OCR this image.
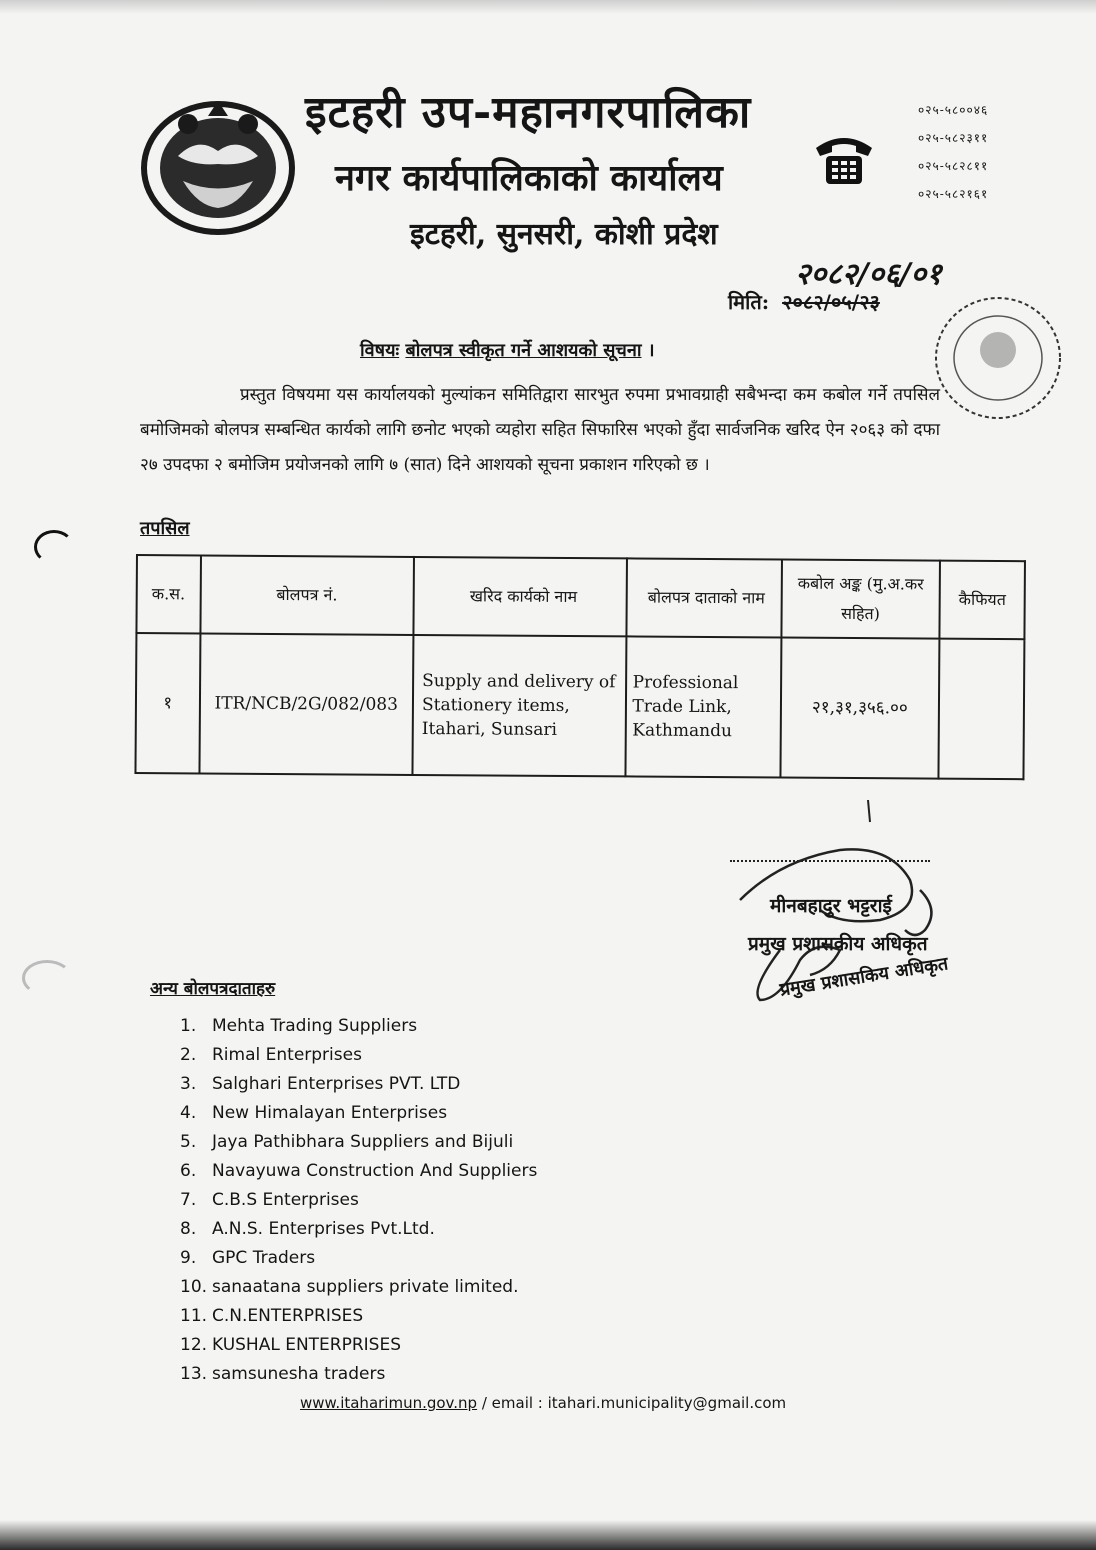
इटहरी उप-महानगरपालिका
नगर कार्यपालिकाको कार्यालय
इटहरी, सुनसरी, कोशी प्रदेश
०२५-५८००४६
०२५-५८२३११
०२५-५८२८११
०२५-५८२१६१
२०८२/०६/०१
मिति: २०८२/०५/२३
विषयः बोलपत्र स्वीकृत गर्ने आशयको सूचना ।
प्रस्तुत विषयमा यस कार्यालयको मुल्यांकन समितिद्वारा सारभुत रुपमा प्रभावग्राही सबैभन्दा कम कबोल गर्ने तपसिल बमोजिमको बोलपत्र सम्बन्धित कार्यको लागि छनोट भएको व्यहोरा सहित सिफारिस भएको हुँदा सार्वजनिक खरिद ऐन २०६३ को दफा २७ उपदफा २ बमोजिम प्रयोजनको लागि ७ (सात) दिने आशयको सूचना प्रकाशन गरिएको छ ।
तपसिल
क.स.	बोलपत्र नं.	खरिद कार्यको नाम	बोलपत्र दाताको नाम	कबोल अङ्क (मु.अ.कर सहित)	कैफियत
१	ITR/NCB/2G/082/083	Supply and delivery of Stationery items, Itahari, Sunsari	Professional Trade Link, Kathmandu	२१,३१,३५६.००	
मीनबहादुर भट्टराई
प्रमुख प्रशासकीय अधिकृत
प्रमुख प्रशासकिय अधिकृत
अन्य बोलपत्रदाताहरु
1. Mehta Trading Suppliers
2. Rimal Enterprises
3. Salghari Enterprises PVT. LTD
4. New Himalayan Enterprises
5. Jaya Pathibhara Suppliers and Bijuli
6. Navayuwa Construction And Suppliers
7. C.B.S Enterprises
8. A.N.S. Enterprises Pvt.Ltd.
9. GPC Traders
10. sanaatana suppliers private limited.
11. C.N.ENTERPRISES
12. KUSHAL ENTERPRISES
13. samsunesha traders
www.itaharimun.gov.np / email : itahari.municipality@gmail.com
